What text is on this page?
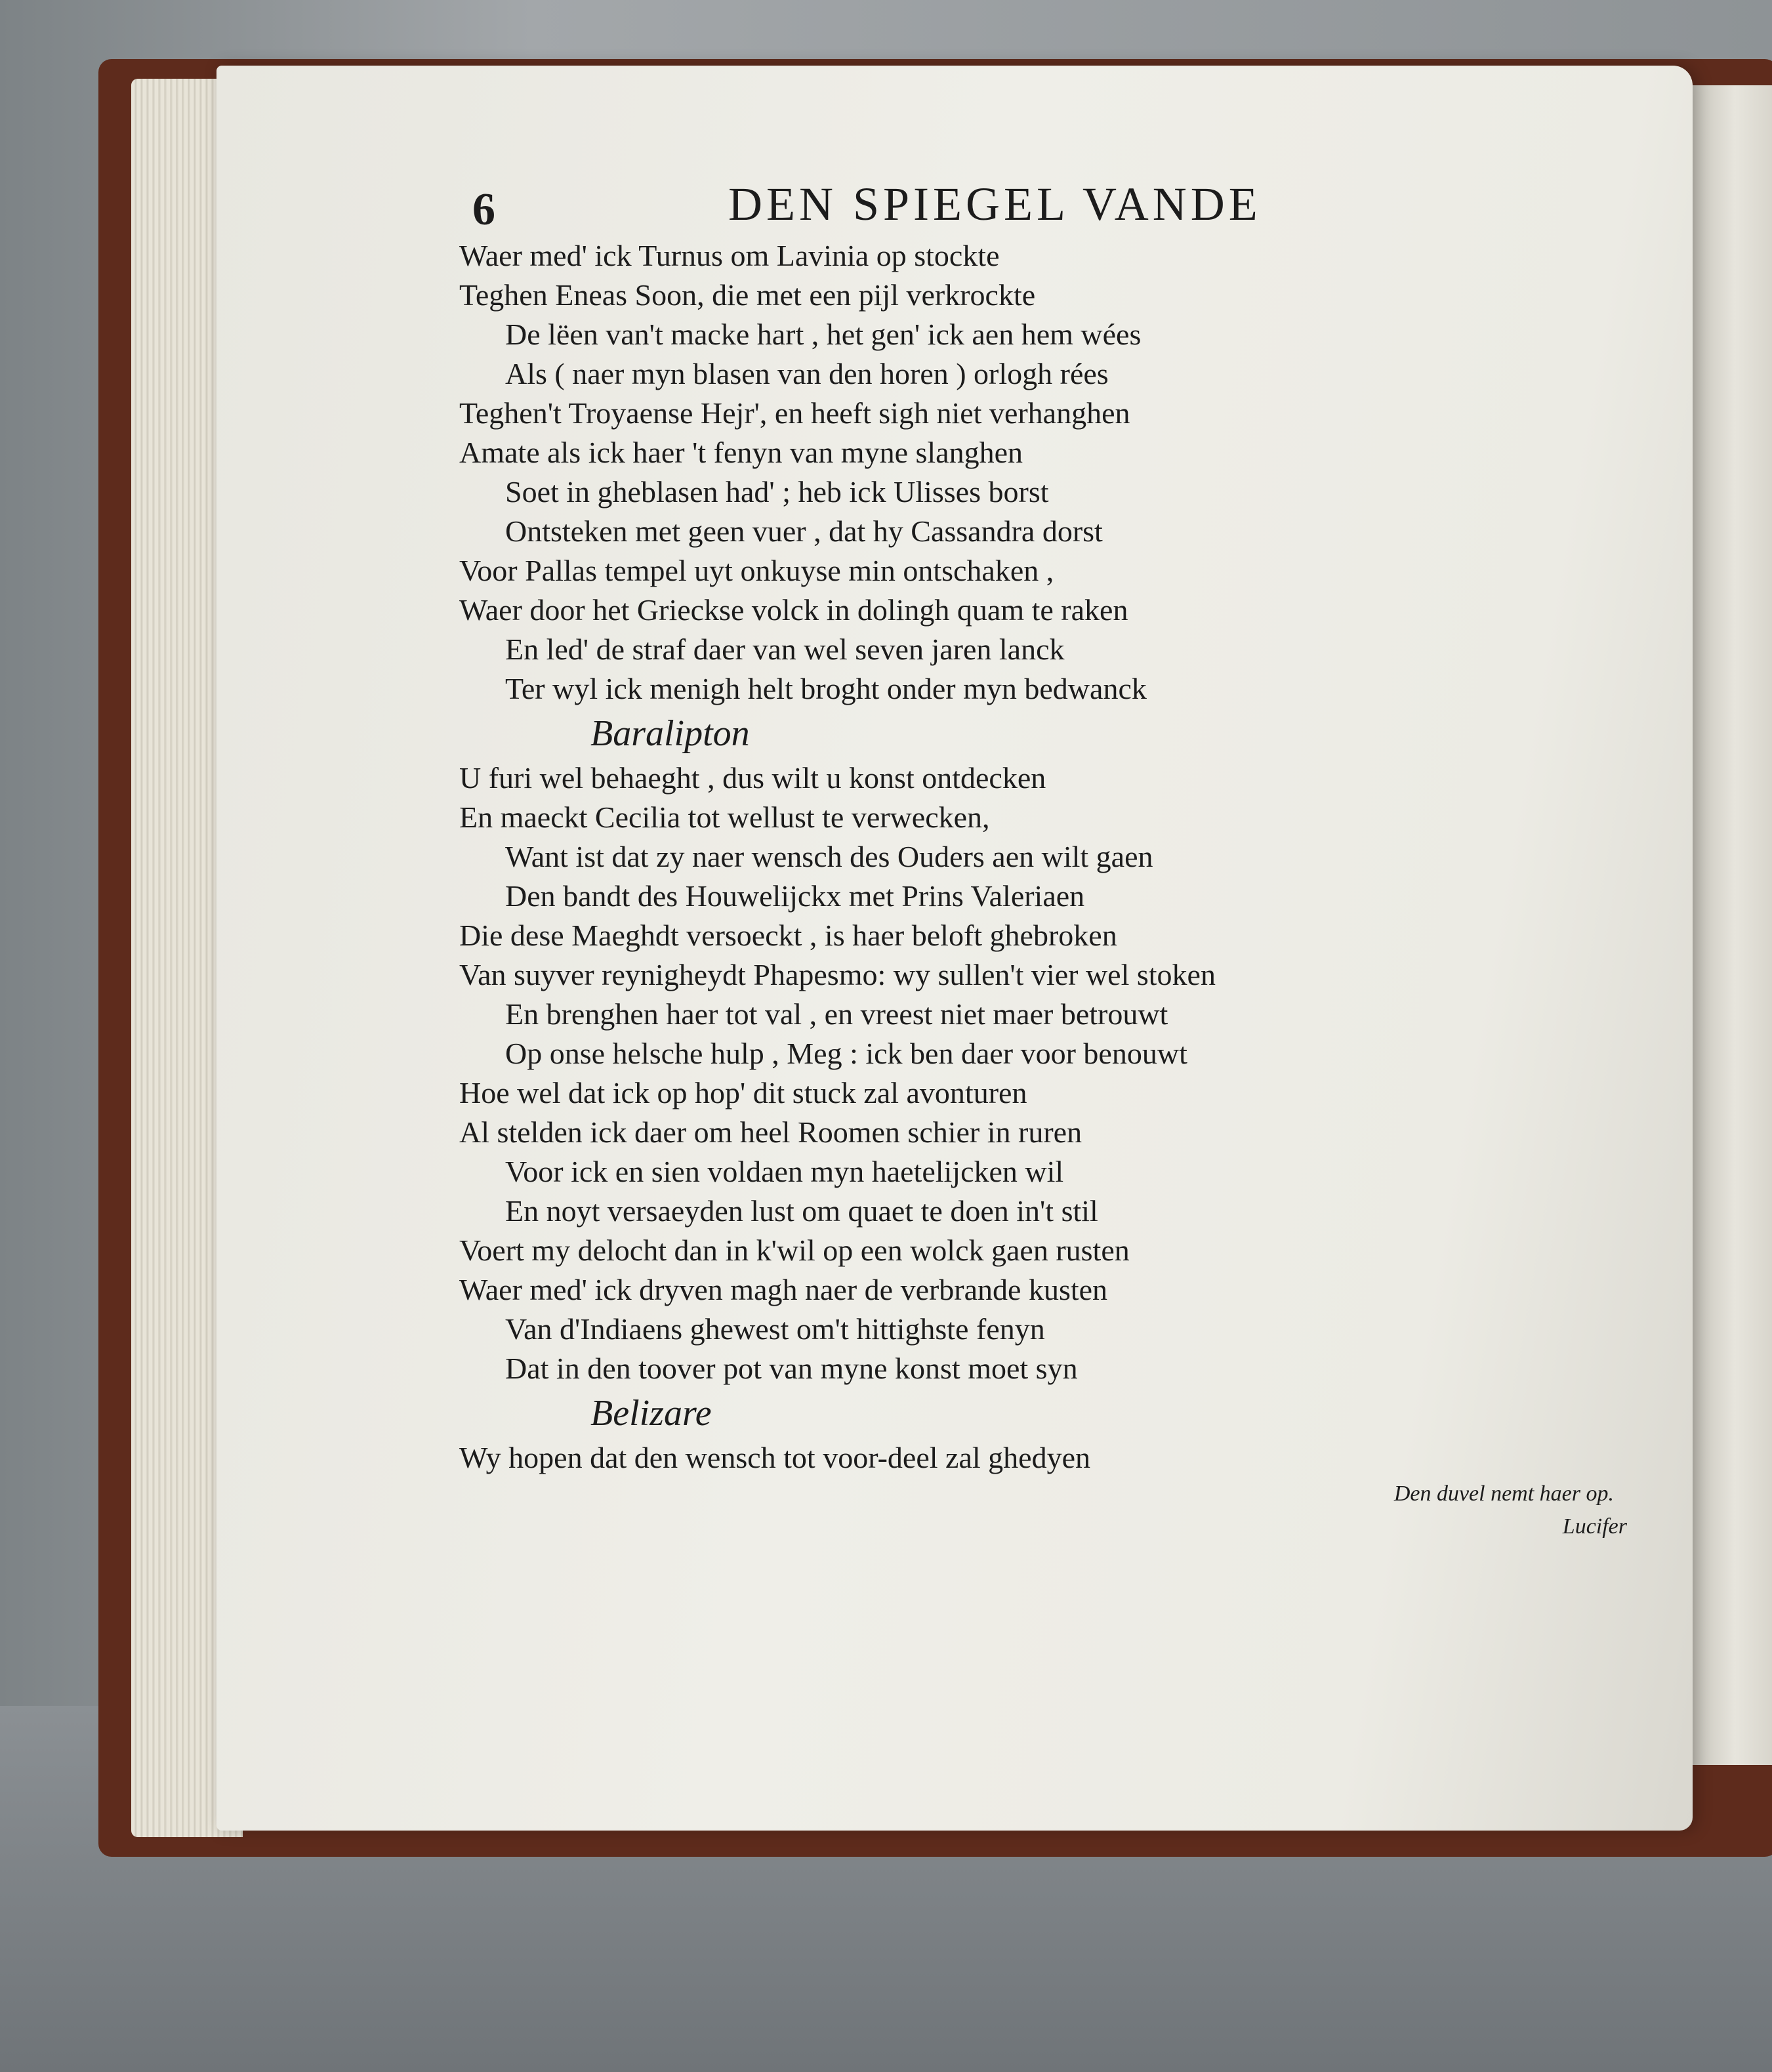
6	DEN SPIEGEL VANDE
Waer med' ick Turnus om Lavinia op stockte
Teghen Eneas Soon, die met een pijl verkrockte
De lëen van't macke hart , het gen' ick aen hem wées
Als ( naer myn blasen van den horen ) orlogh rées
Teghen't Troyaense Hejr', en heeft sigh niet verhanghen
Amate als ick haer 't fenyn van myne slanghen
Soet in gheblasen had' ; heb ick Ulisses borst
Ontsteken met geen vuer , dat hy Cassandra dorst
Voor Pallas tempel uyt onkuyse min ontschaken ,
Waer door het Grieckse volck in dolingh quam te raken
En led' de straf daer van wel seven jaren lanck
Ter wyl ick menigh helt broght onder myn bedwanck
Baralipton
U furi wel behaeght , dus wilt u konst ontdecken
En maeckt Cecilia tot wellust te verwecken,
Want ist dat zy naer wensch des Ouders aen wilt gaen
Den bandt des Houwelijckx met Prins Valeriaen
Die dese Maeghdt versoeckt , is haer beloft ghebroken
Van suyver reynigheydt Phapesmo: wy sullen't vier wel stoken
En brenghen haer tot val , en vreest niet maer betrouwt
Op onse helsche hulp , Meg : ick ben daer voor benouwt
Hoe wel dat ick op hop' dit stuck zal avonturen
Al stelden ick daer om heel Roomen schier in ruren
Voor ick en sien voldaen myn haetelijcken wil
En noyt versaeyden lust om quaet te doen in't stil
Voert my delocht dan in k'wil op een wolck gaen rusten
Waer med' ick dryven magh naer de verbrande kusten
Van d'Indiaens ghewest om't hittighste fenyn
Dat in den toover pot van myne konst moet syn
Belizare
Wy hopen dat den wensch tot voor-deel zal ghedyen
Den duvel nemt haer op.
Lucifer
